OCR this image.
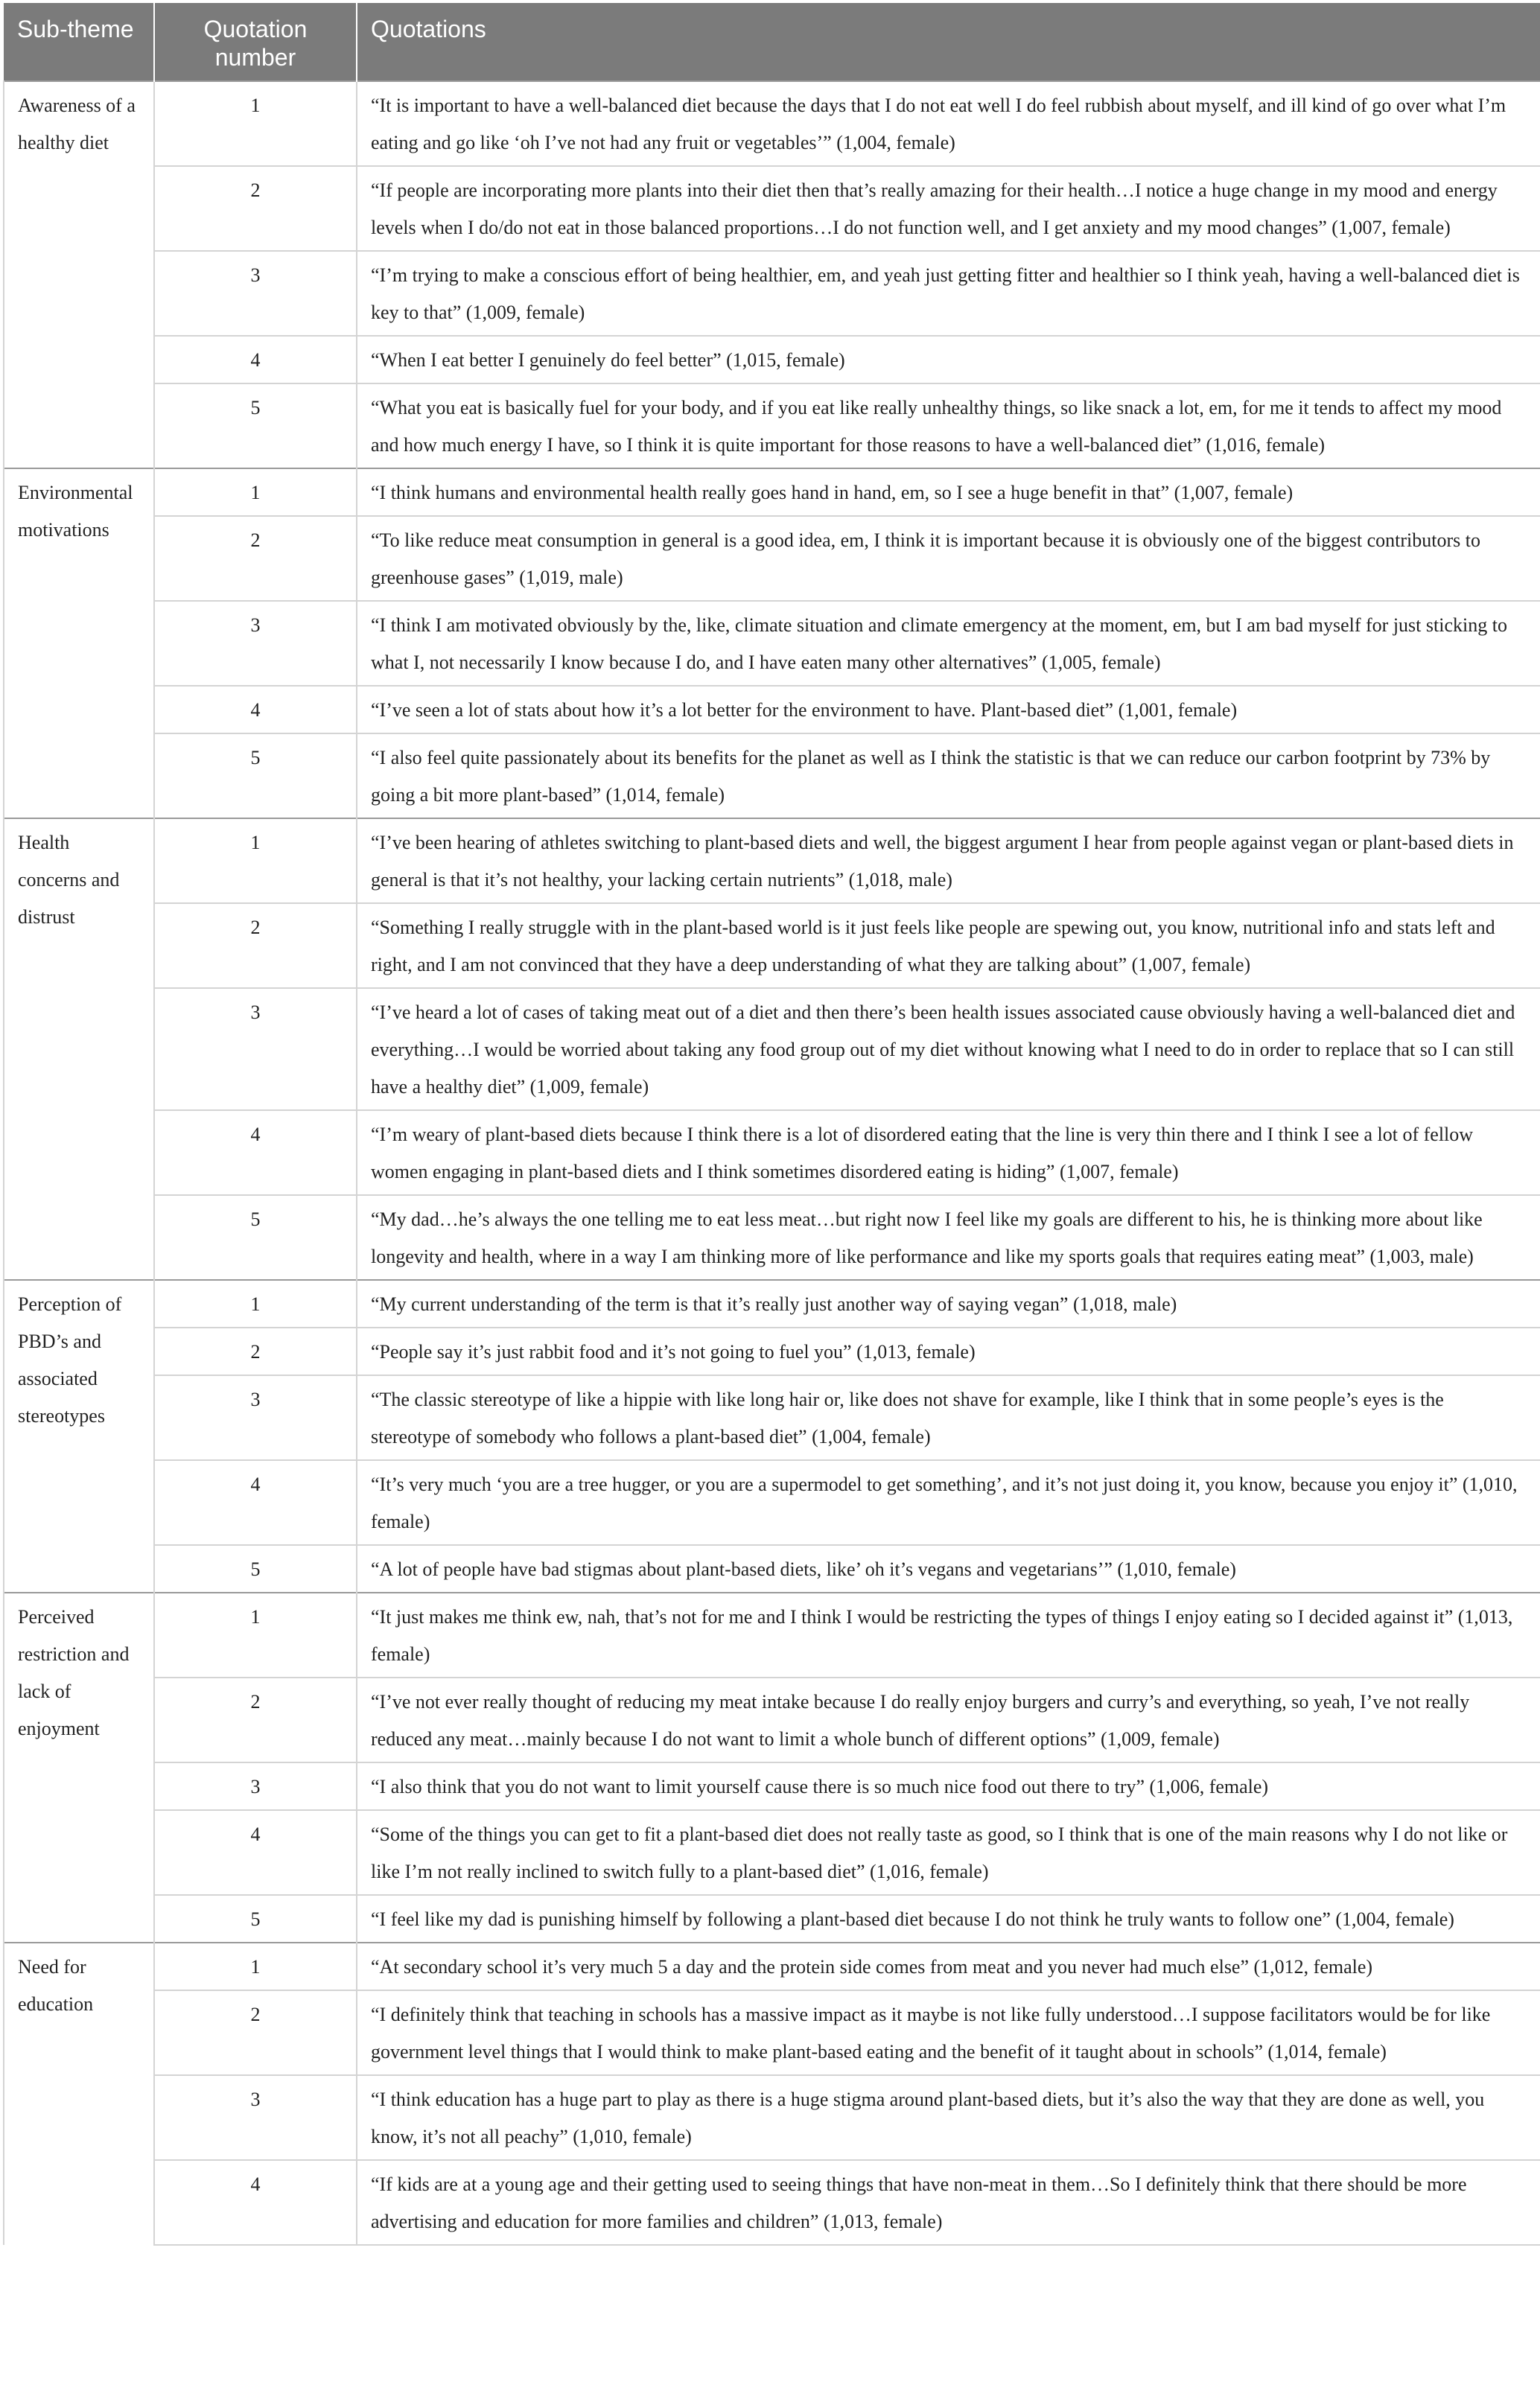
Sub-theme	Quotation number	Quotations
Awareness of a healthy diet	1	“It is important to have a well-balanced diet because the days that I do not eat well I do feel rubbish about myself, and ill kind of go over what I’m eating and go like ‘oh I’ve not had any fruit or vegetables’” (1,004, female)
	2	“If people are incorporating more plants into their diet then that’s really amazing for their health…I notice a huge change in my mood and energy levels when I do/do not eat in those balanced proportions…I do not function well, and I get anxiety and my mood changes” (1,007, female)
	3	“I’m trying to make a conscious effort of being healthier, em, and yeah just getting fitter and healthier so I think yeah, having a well-balanced diet is key to that” (1,009, female)
	4	“When I eat better I genuinely do feel better” (1,015, female)
	5	“What you eat is basically fuel for your body, and if you eat like really unhealthy things, so like snack a lot, em, for me it tends to affect my mood and how much energy I have, so I think it is quite important for those reasons to have a well-balanced diet” (1,016, female)
Environmental motivations	1	“I think humans and environmental health really goes hand in hand, em, so I see a huge benefit in that” (1,007, female)
	2	“To like reduce meat consumption in general is a good idea, em, I think it is important because it is obviously one of the biggest contributors to greenhouse gases” (1,019, male)
	3	“I think I am motivated obviously by the, like, climate situation and climate emergency at the moment, em, but I am bad myself for just sticking to what I, not necessarily I know because I do, and I have eaten many other alternatives” (1,005, female)
	4	“I’ve seen a lot of stats about how it’s a lot better for the environment to have. Plant-based diet” (1,001, female)
	5	“I also feel quite passionately about its benefits for the planet as well as I think the statistic is that we can reduce our carbon footprint by 73% by going a bit more plant-based” (1,014, female)
Health concerns and distrust	1	“I’ve been hearing of athletes switching to plant-based diets and well, the biggest argument I hear from people against vegan or plant-based diets in general is that it’s not healthy, your lacking certain nutrients” (1,018, male)
	2	“Something I really struggle with in the plant-based world is it just feels like people are spewing out, you know, nutritional info and stats left and right, and I am not convinced that they have a deep understanding of what they are talking about” (1,007, female)
	3	“I’ve heard a lot of cases of taking meat out of a diet and then there’s been health issues associated cause obviously having a well-balanced diet and everything…I would be worried about taking any food group out of my diet without knowing what I need to do in order to replace that so I can still have a healthy diet” (1,009, female)
	4	“I’m weary of plant-based diets because I think there is a lot of disordered eating that the line is very thin there and I think I see a lot of fellow women engaging in plant-based diets and I think sometimes disordered eating is hiding” (1,007, female)
	5	“My dad…he’s always the one telling me to eat less meat…but right now I feel like my goals are different to his, he is thinking more about like longevity and health, where in a way I am thinking more of like performance and like my sports goals that requires eating meat” (1,003, male)
Perception of PBD’s and associated stereotypes	1	“My current understanding of the term is that it’s really just another way of saying vegan” (1,018, male)
	2	“People say it’s just rabbit food and it’s not going to fuel you” (1,013, female)
	3	“The classic stereotype of like a hippie with like long hair or, like does not shave for example, like I think that in some people’s eyes is the stereotype of somebody who follows a plant-based diet” (1,004, female)
	4	“It’s very much ‘you are a tree hugger, or you are a supermodel to get something’, and it’s not just doing it, you know, because you enjoy it” (1,010, female)
	5	“A lot of people have bad stigmas about plant-based diets, like’ oh it’s vegans and vegetarians’” (1,010, female)
Perceived restriction and lack of enjoyment	1	“It just makes me think ew, nah, that’s not for me and I think I would be restricting the types of things I enjoy eating so I decided against it” (1,013, female)
	2	“I’ve not ever really thought of reducing my meat intake because I do really enjoy burgers and curry’s and everything, so yeah, I’ve not really reduced any meat…mainly because I do not want to limit a whole bunch of different options” (1,009, female)
	3	“I also think that you do not want to limit yourself cause there is so much nice food out there to try” (1,006, female)
	4	“Some of the things you can get to fit a plant-based diet does not really taste as good, so I think that is one of the main reasons why I do not like or like I’m not really inclined to switch fully to a plant-based diet” (1,016, female)
	5	“I feel like my dad is punishing himself by following a plant-based diet because I do not think he truly wants to follow one” (1,004, female)
Need for education	1	“At secondary school it’s very much 5 a day and the protein side comes from meat and you never had much else” (1,012, female)
	2	“I definitely think that teaching in schools has a massive impact as it maybe is not like fully understood…I suppose facilitators would be for like government level things that I would think to make plant-based eating and the benefit of it taught about in schools” (1,014, female)
	3	“I think education has a huge part to play as there is a huge stigma around plant-based diets, but it’s also the way that they are done as well, you know, it’s not all peachy” (1,010, female)
	4	“If kids are at a young age and their getting used to seeing things that have non-meat in them…So I definitely think that there should be more advertising and education for more families and children” (1,013, female)
